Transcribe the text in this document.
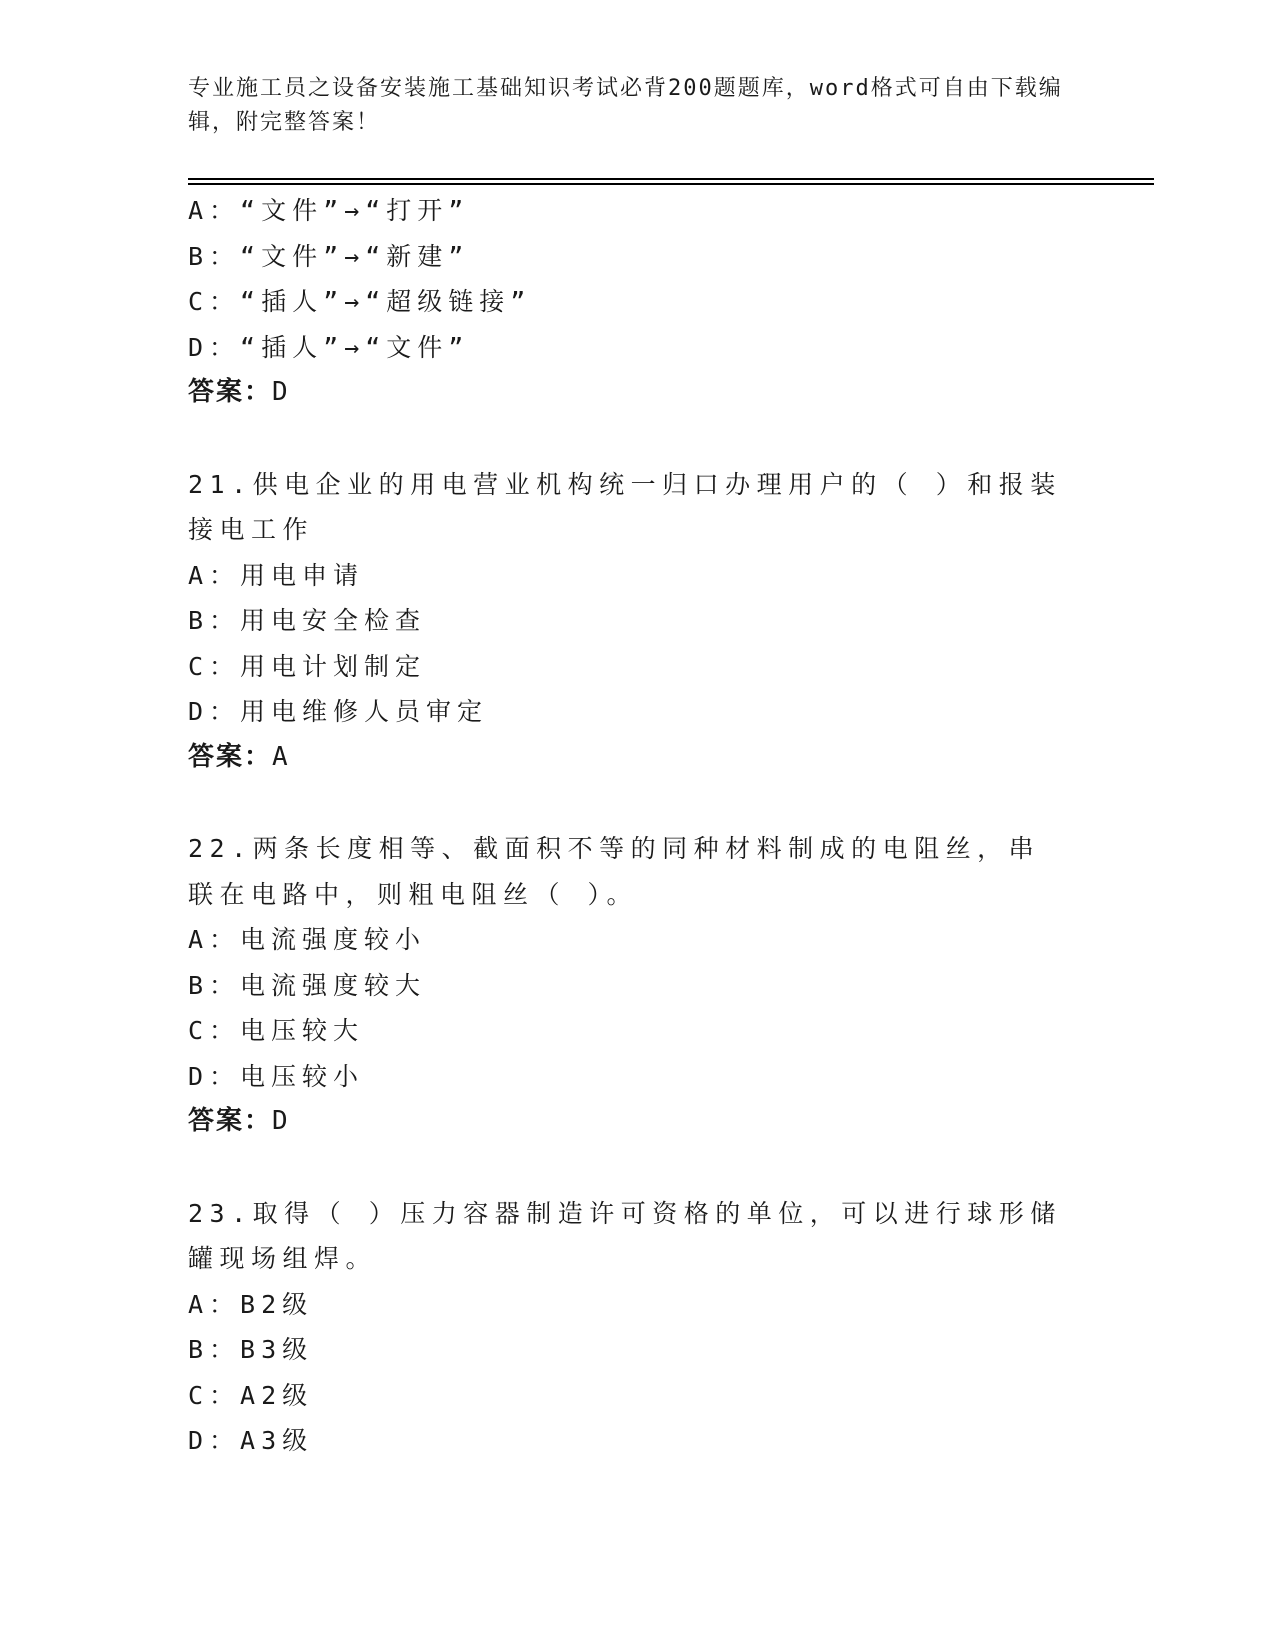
专业施工员之设备安装施工基础知识考试必背200题题库，word格式可自由下载编辑，附完整答案！
A：“文件”→“打开”
B：“文件”→“新建”
C：“插人”→“超级链接”
D：“插人”→“文件”
答案：D
21.供电企业的用电营业机构统一归口办理用户的（ ）和报装接电工作
A：用电申请
B：用电安全检查
C：用电计划制定
D：用电维修人员审定
答案：A
22.两条长度相等、截面积不等的同种材料制成的电阻丝，串联在电路中，则粗电阻丝（ ）。
A：电流强度较小
B：电流强度较大
C：电压较大
D：电压较小
答案：D
23.取得（ ）压力容器制造许可资格的单位，可以进行球形储罐现场组焊。
A：B2级
B：B3级
C：A2级
D：A3级
